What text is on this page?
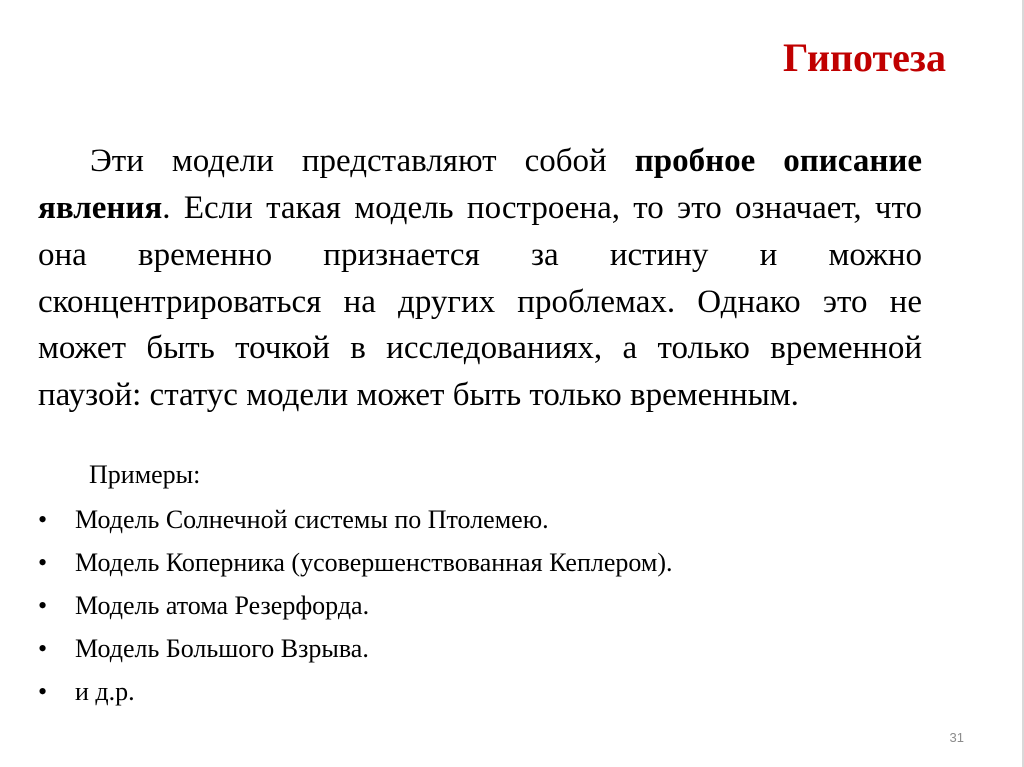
Гипотеза

Эти модели представляют собой пробное описание явления. Если такая модель построена, то это означает, что она временно признается за истину и можно сконцентрироваться на других проблемах. Однако это не может быть точкой в исследованиях, а только временной паузой: статус модели может быть только временным.

Примеры:

• Модель Солнечной системы по Птолемею.
• Модель Коперника (усовершенствованная Кеплером).
• Модель атома Резерфорда.
• Модель Большого Взрыва.
• и д.р.

31
